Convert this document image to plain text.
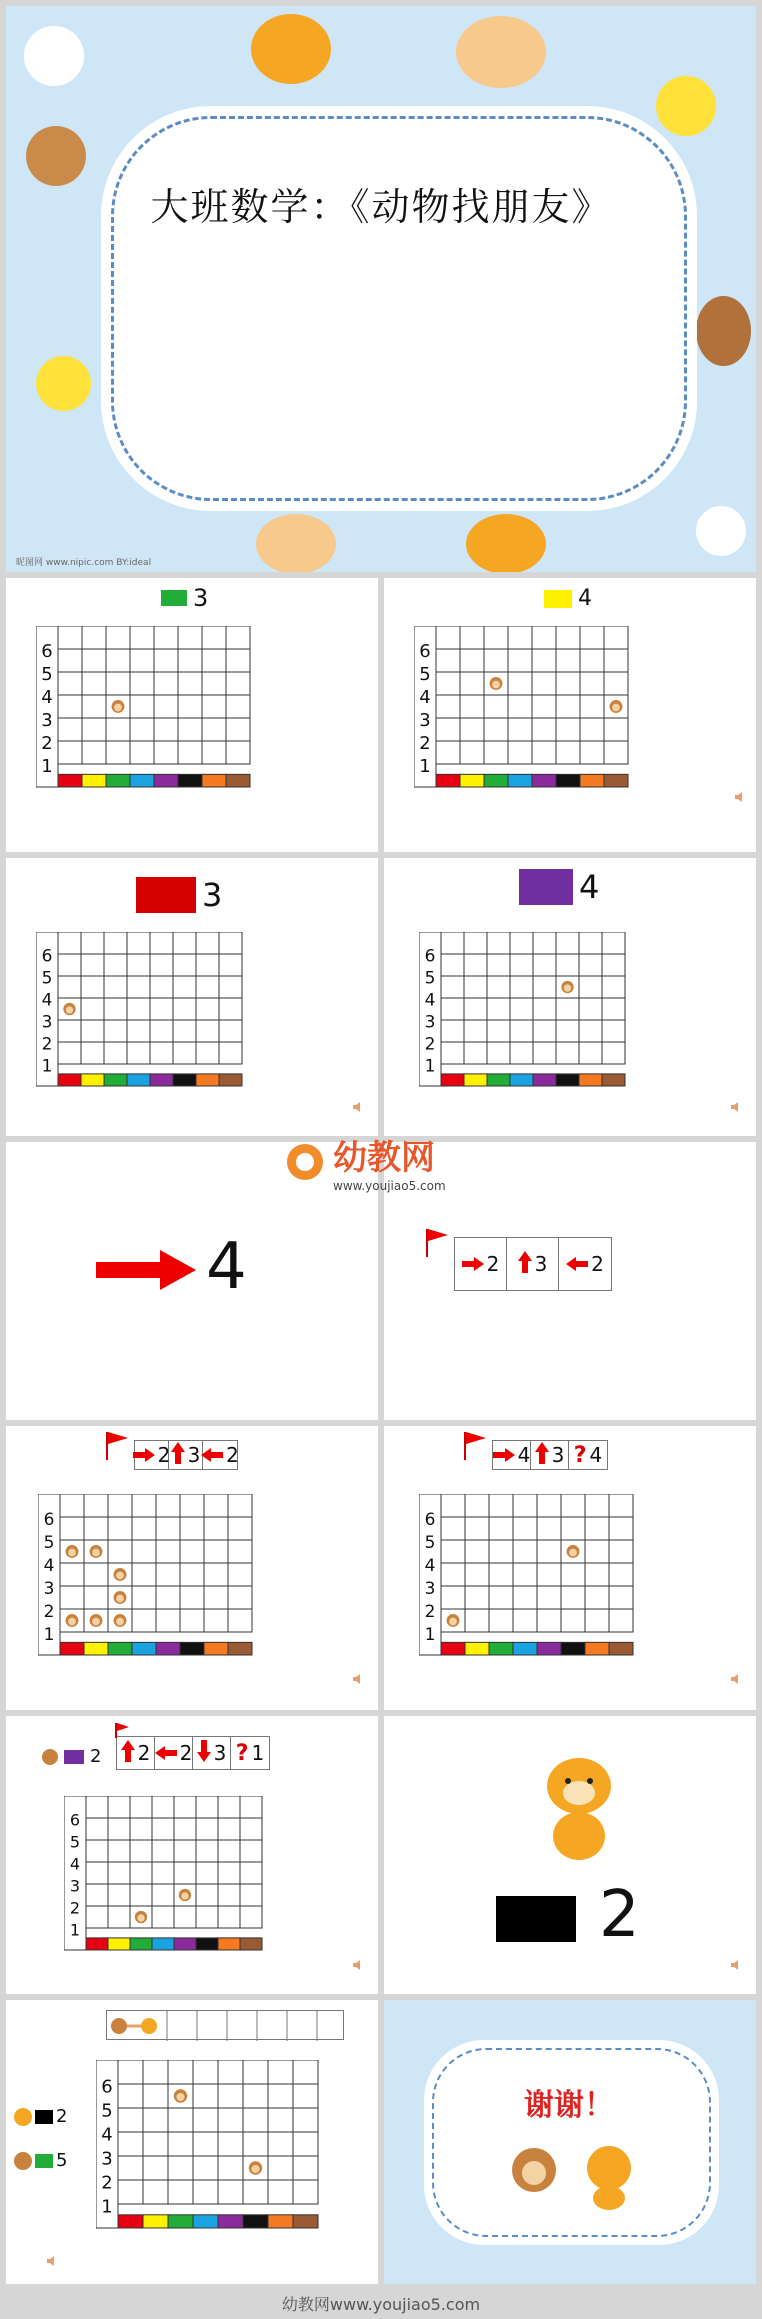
大班数学：《动物找朋友》
昵图网 www.nipic.com BY:ideal
3
6
5
4
3
2
1
4
6
5
4
3
2
1
3
6
5
4
3
2
1
4
6
5
4
3
2
1
4	2 3 2
2 3 2
6
5
4
3
2
1
4 3 ? 4
6
5
4
3
2
1
2 2 2 3 ? 1
6
5
4
3
2
1	2
2
5
6
5
4
3
2
1
谢谢！
幼教网
www.youjiao5.com
幼教网www.youjiao5.com
